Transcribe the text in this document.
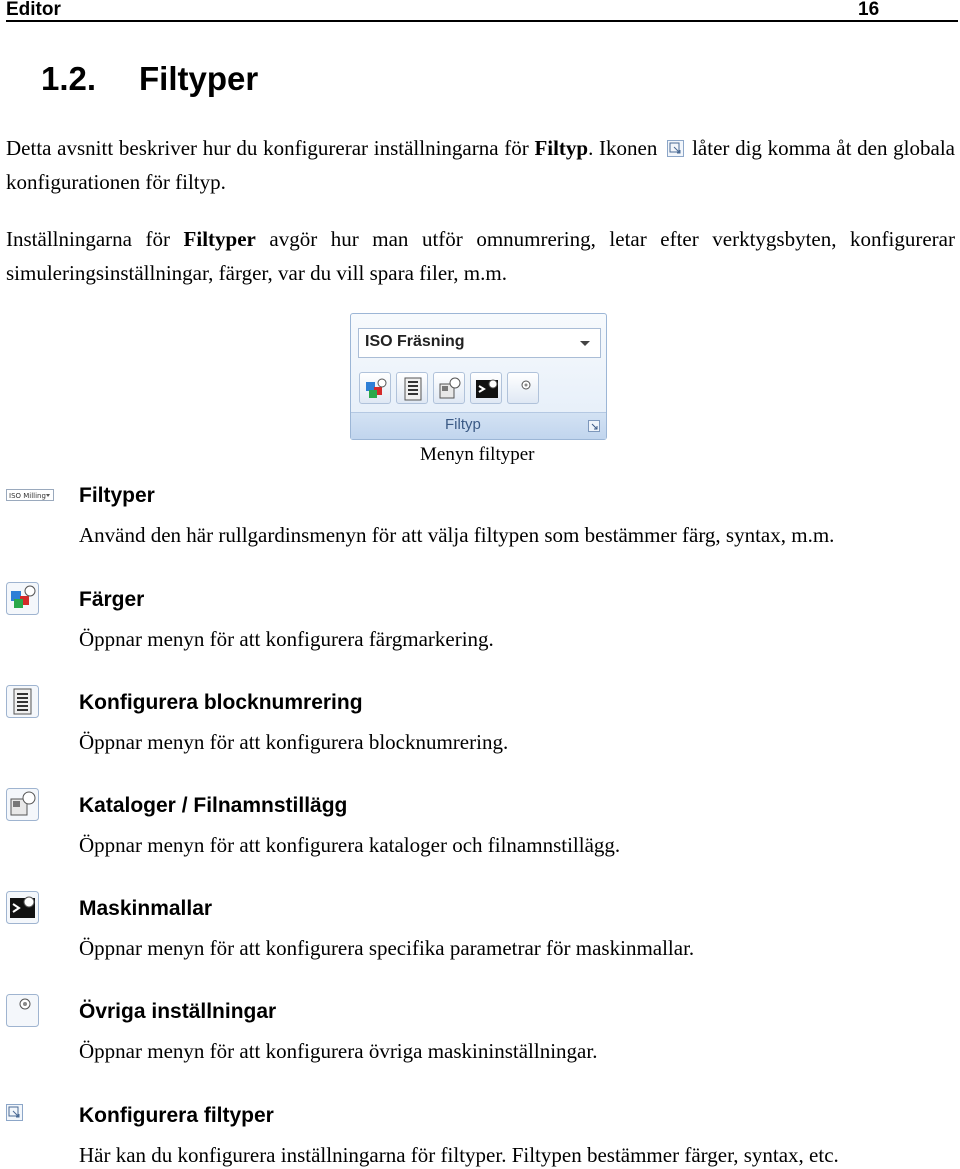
Editor	16
1.2. Filtyper
Detta avsnitt beskriver hur du konfigurerar inställningarna för Filtyp. Ikonen låter dig komma åt den globala konfigurationen för filtyp.
Inställningarna för Filtyper avgör hur man utför omnumrering, letar efter verktygsbyten, konfigurerar simuleringsinställningar, färger, var du vill spara filer, m.m.
ISO Fräsning
Filtyp
Menyn filtyper
ISO Milling Filtyper
Använd den här rullgardinsmenyn för att välja filtypen som bestämmer färg, syntax, m.m.
Färger
Öppnar menyn för att konfigurera färgmarkering.
Konfigurera blocknumrering
Öppnar menyn för att konfigurera blocknumrering.
Kataloger / Filnamnstillägg
Öppnar menyn för att konfigurera kataloger och filnamnstillägg.
Maskinmallar
Öppnar menyn för att konfigurera specifika parametrar för maskinmallar.
Övriga inställningar
Öppnar menyn för att konfigurera övriga maskininställningar.
Konfigurera filtyper
Här kan du konfigurera inställningarna för filtyper. Filtypen bestämmer färger, syntax, etc.
